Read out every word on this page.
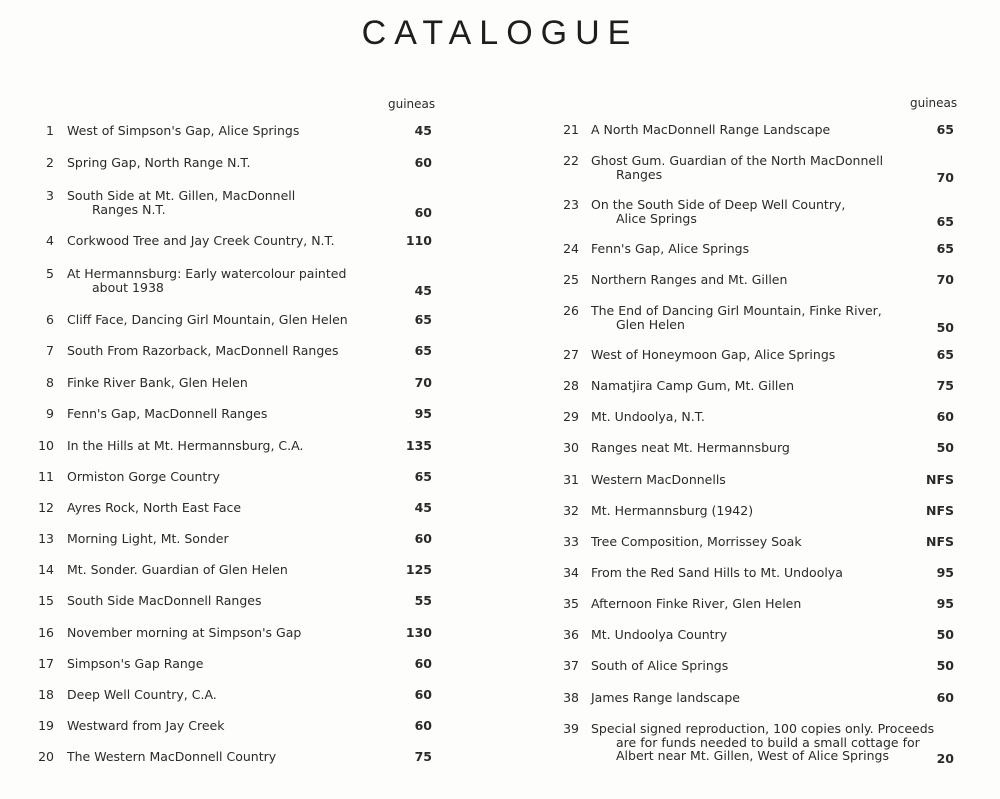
CATALOGUE
guineas	guineas
1 West of Simpson's Gap, Alice Springs	45
2 Spring Gap, North Range N.T.	60
3 South Side at Mt. Gillen, MacDonnell
Ranges N.T.	60
4 Corkwood Tree and Jay Creek Country, N.T.	110
5 At Hermannsburg: Early watercolour painted
about 1938	45
6 Cliff Face, Dancing Girl Mountain, Glen Helen	65
7 South From Razorback, MacDonnell Ranges	65
8 Finke River Bank, Glen Helen	70
9 Fenn's Gap, MacDonnell Ranges	95
10 In the Hills at Mt. Hermannsburg, C.A.	135
11 Ormiston Gorge Country	65
12 Ayres Rock, North East Face	45
13 Morning Light, Mt. Sonder	60
14 Mt. Sonder. Guardian of Glen Helen	125
15 South Side MacDonnell Ranges	55
16 November morning at Simpson's Gap	130
17 Simpson's Gap Range	60
18 Deep Well Country, C.A.	60
19 Westward from Jay Creek	60
20 The Western MacDonnell Country	75
21 A North MacDonnell Range Landscape	65
22 Ghost Gum. Guardian of the North MacDonnell
Ranges	70
23 On the South Side of Deep Well Country,
Alice Springs	65
24 Fenn's Gap, Alice Springs	65
25 Northern Ranges and Mt. Gillen	70
26 The End of Dancing Girl Mountain, Finke River,
Glen Helen	50
27 West of Honeymoon Gap, Alice Springs	65
28 Namatjira Camp Gum, Mt. Gillen	75
29 Mt. Undoolya, N.T.	60
30 Ranges neat Mt. Hermannsburg	50
31 Western MacDonnells	NFS
32 Mt. Hermannsburg (1942)	NFS
33 Tree Composition, Morrissey Soak	NFS
34 From the Red Sand Hills to Mt. Undoolya	95
35 Afternoon Finke River, Glen Helen	95
36 Mt. Undoolya Country	50
37 South of Alice Springs	50
38 James Range landscape	60
39 Special signed reproduction, 100 copies only. Proceeds
are for funds needed to build a small cottage for
Albert near Mt. Gillen, West of Alice Springs	20
